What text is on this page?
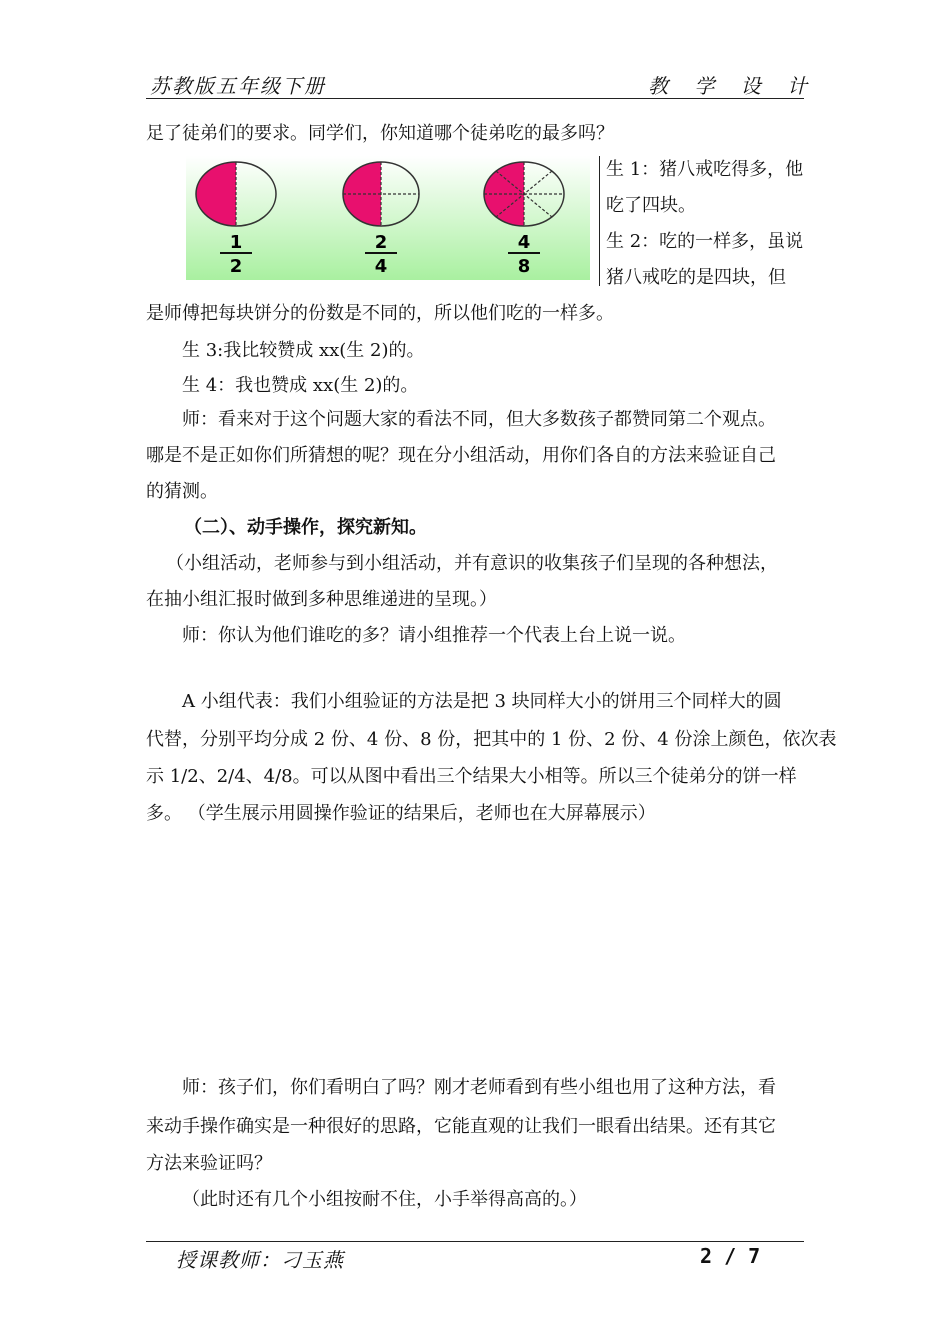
苏教版五年级下册	教 学 设 计
足了徒弟们的要求。同学们，你知道哪个徒弟吃的最多吗？
1
2
2
4
4
8
生 1：猪八戒吃得多，他
吃了四块。
生 2：吃的一样多，虽说
猪八戒吃的是四块，但
是师傅把每块饼分的份数是不同的，所以他们吃的一样多。
生 3:我比较赞成 xx(生 2)的。
生 4：我也赞成 xx(生 2)的。
师：看来对于这个问题大家的看法不同，但大多数孩子都赞同第二个观点。
哪是不是正如你们所猜想的呢？现在分小组活动，用你们各自的方法来验证自己
的猜测。
（二）、动手操作，探究新知。
（小组活动，老师参与到小组活动，并有意识的收集孩子们呈现的各种想法，
在抽小组汇报时做到多种思维递进的呈现。）
师：你认为他们谁吃的多？请小组推荐一个代表上台上说一说。
A 小组代表：我们小组验证的方法是把 3 块同样大小的饼用三个同样大的圆
代替，分别平均分成 2 份、4 份、8 份，把其中的 1 份、2 份、4 份涂上颜色，依次表
示 1/2、2/4、4/8。可以从图中看出三个结果大小相等。所以三个徒弟分的饼一样
多。 （学生展示用圆操作验证的结果后，老师也在大屏幕展示）
师：孩子们，你们看明白了吗？刚才老师看到有些小组也用了这种方法，看
来动手操作确实是一种很好的思路，它能直观的让我们一眼看出结果。还有其它
方法来验证吗？
（此时还有几个小组按耐不住，小手举得高高的。）
授课教师：刁玉燕	2 / 7
